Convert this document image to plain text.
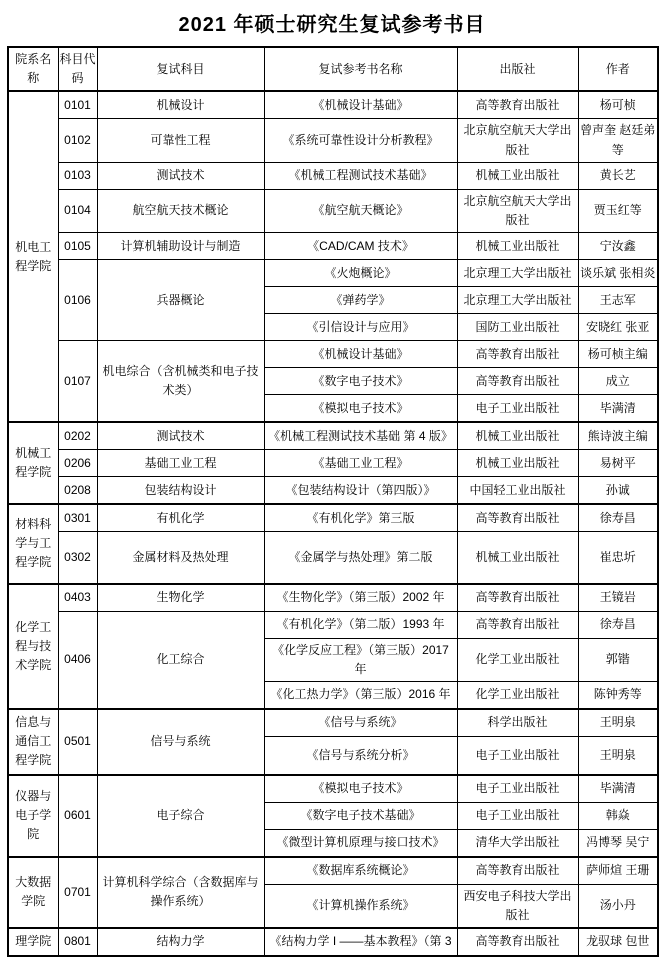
2021 年硕士研究生复试参考书目
院系名称	科目代码	复试科目	复试参考书名称	出版社	作者
机电工程学院	0101	机械设计	《机械设计基础》	高等教育出版社	杨可桢
	0102	可靠性工程	《系统可靠性设计分析教程》	北京航空航天大学出版社	曾声奎 赵廷弟等
	0103	测试技术	《机械工程测试技术基础》	机械工业出版社	黄长艺
	0104	航空航天技术概论	《航空航天概论》	北京航空航天大学出版社	贾玉红等
	0105	计算机辅助设计与制造	《CAD/CAM 技术》	机械工业出版社	宁汝鑫
	0106	兵器概论	《火炮概论》	北京理工大学出版社	谈乐斌 张相炎
			《弹药学》	北京理工大学出版社	王志军
			《引信设计与应用》	国防工业出版社	安晓红 张亚
	0107	机电综合（含机械类和电子技术类）	《机械设计基础》	高等教育出版社	杨可桢主编
			《数字电子技术》	高等教育出版社	成立
			《模拟电子技术》	电子工业出版社	毕满清
机械工程学院	0202	测试技术	《机械工程测试技术基础 第 4 版》	机械工业出版社	熊诗波主编
	0206	基础工业工程	《基础工业工程》	机械工业出版社	易树平
	0208	包装结构设计	《包装结构设计（第四版）》	中国轻工业出版社	孙诚
材料科学与工程学院	0301	有机化学	《有机化学》第三版	高等教育出版社	徐寿昌
	0302	金属材料及热处理	《金属学与热处理》第二版	机械工业出版社	崔忠圻
化学工程与技术学院	0403	生物化学	《生物化学》（第三版）2002 年	高等教育出版社	王镜岩
	0406	化工综合	《有机化学》（第二版）1993 年	高等教育出版社	徐寿昌
			《化学反应工程》（第三版）2017 年	化学工业出版社	郭锴
			《化工热力学》（第三版）2016 年	化学工业出版社	陈钟秀等
信息与通信工程学院	0501	信号与系统	《信号与系统》	科学出版社	王明泉
			《信号与系统分析》	电子工业出版社	王明泉
仪器与电子学院	0601	电子综合	《模拟电子技术》	电子工业出版社	毕满清
			《数字电子技术基础》	电子工业出版社	韩焱
			《微型计算机原理与接口技术》	清华大学出版社	冯博琴 吴宁
大数据学院	0701	计算机科学综合（含数据库与操作系统）	《数据库系统概论》	高等教育出版社	萨师煊 王珊
			《计算机操作系统》	西安电子科技大学出版社	汤小丹
理学院	0801	结构力学	《结构力学 I ——基本教程》（第 3	高等教育出版社	龙驭球 包世
